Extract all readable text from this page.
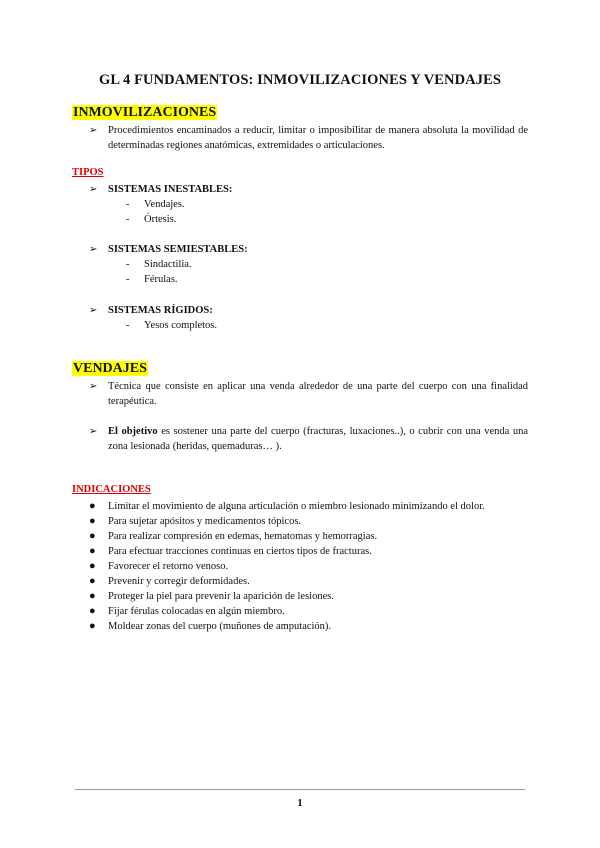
GL 4 FUNDAMENTOS: INMOVILIZACIONES Y VENDAJES
INMOVILIZACIONES
➢ Procedimientos encaminados a reducir, limitar o imposibilitar de manera absoluta la movilidad de determinadas regiones anatómicas, extremidades o articulaciones.
TIPOS
➢ SISTEMAS INESTABLES:
- Vendajes.
- Órtesis.
➢ SISTEMAS SEMIESTABLES:
- Sindactilia.
- Férulas.
➢ SISTEMAS RÍGIDOS:
- Yesos completos.
VENDAJES
➢ Técnica que consiste en aplicar una venda alrededor de una parte del cuerpo con una finalidad terapéutica.
➢ El objetivo es sostener una parte del cuerpo (fracturas, luxaciones..), o cubrir con una venda una zona lesionada (heridas, quemaduras… ).
INDICACIONES
● Limitar el movimiento de alguna articulación o miembro lesionado minimizando el dolor.
● Para sujetar apósitos y medicamentos tópicos.
● Para realizar compresión en edemas, hematomas y hemorragias.
● Para efectuar tracciones continuas en ciertos tipos de fracturas.
● Favorecer el retorno venoso.
● Prevenir y corregir deformidades.
● Proteger la piel para prevenir la aparición de lesiones.
● Fijar férulas colocadas en algún miembro.
● Moldear zonas del cuerpo (muñones de amputación).
1
